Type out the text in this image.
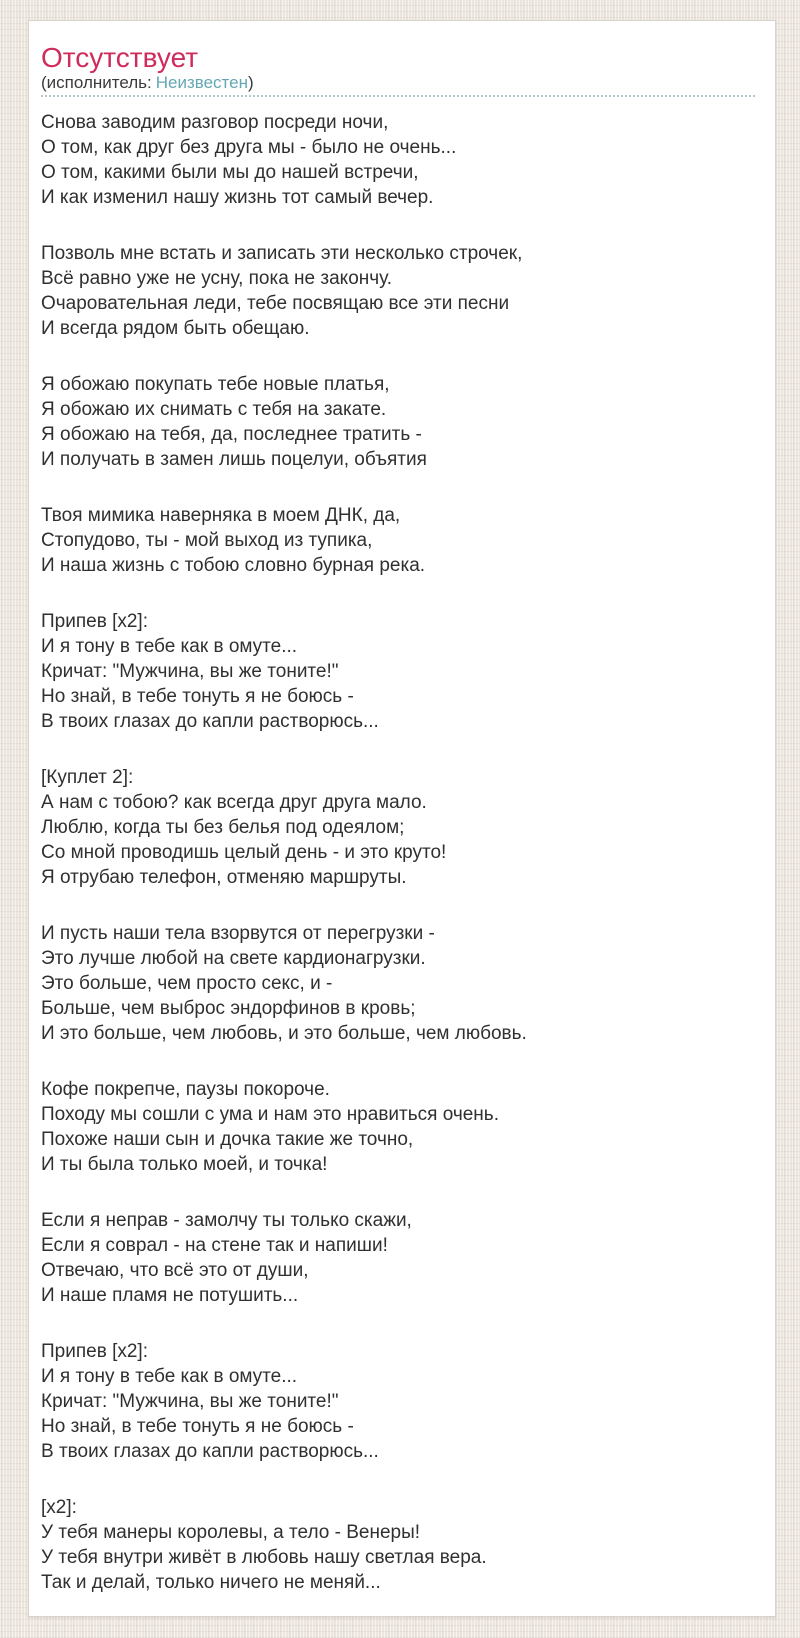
Отсутствует
(исполнитель: Неизвестен)

Снова заводим разговор посреди ночи,
О том, как друг без друга мы - было не очень...
О том, какими были мы до нашей встречи,
И как изменил нашу жизнь тот самый вечер.

Позволь мне встать и записать эти несколько строчек,
Всё равно уже не усну, пока не закончу.
Очаровательная леди, тебе посвящаю все эти песни
И всегда рядом быть обещаю.

Я обожаю покупать тебе новые платья,
Я обожаю их снимать с тебя на закате.
Я обожаю на тебя, да, последнее тратить -
И получать в замен лишь поцелуи, объятия

Твоя мимика наверняка в моем ДНК, да,
Стопудово, ты - мой выход из тупика,
И наша жизнь с тобою словно бурная река.

Припев [x2]:
И я тону в тебе как в омуте...
Кричат: "Мужчина, вы же тоните!"
Но знай, в тебе тонуть я не боюсь -
В твоих глазах до капли растворюсь...

[Куплет 2]:
А нам с тобою? как всегда друг друга мало.
Люблю, когда ты без белья под одеялом;
Со мной проводишь целый день - и это круто!
Я отрубаю телефон, отменяю маршруты.

И пусть наши тела взорвутся от перегрузки -
Это лучше любой на свете кардионагрузки.
Это больше, чем просто секс, и -
Больше, чем выброс эндорфинов в кровь;
И это больше, чем любовь, и это больше, чем любовь.

Кофе покрепче, паузы покороче.
Походу мы сошли с ума и нам это нравиться очень.
Похоже наши сын и дочка такие же точно,
И ты была только моей, и точка!

Если я неправ - замолчу ты только скажи,
Если я соврал - на стене так и напиши!
Отвечаю, что всё это от души,
И наше пламя не потушить...

Припев [x2]:
И я тону в тебе как в омуте...
Кричат: "Мужчина, вы же тоните!"
Но знай, в тебе тонуть я не боюсь -
В твоих глазах до капли растворюсь...

[x2]:
У тебя манеры королевы, а тело - Венеры!
У тебя внутри живёт в любовь нашу светлая вера.
Так и делай, только ничего не меняй...
